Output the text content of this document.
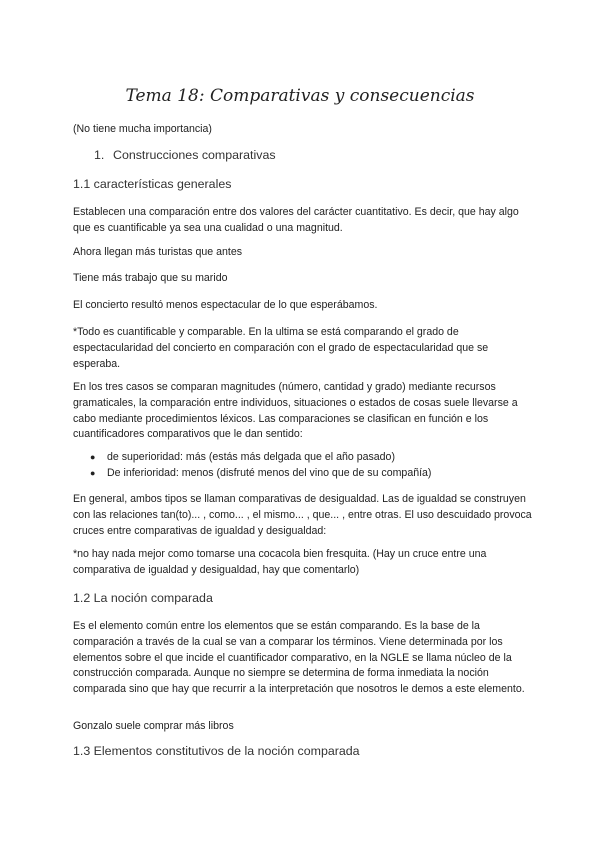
Tema 18: Comparativas y consecuencias
(No tiene mucha importancia)
1. Construcciones comparativas
1.1 características generales
Establecen una comparación entre dos valores del carácter cuantitativo. Es decir, que hay algo que es cuantificable ya sea una cualidad o una magnitud.
Ahora llegan más turistas que antes
Tiene más trabajo que su marido
El concierto resultó menos espectacular de lo que esperábamos.
*Todo es cuantificable y comparable. En la ultima se está comparando el grado de espectacularidad del concierto en comparación con el grado de espectacularidad que se esperaba.
En los tres casos se comparan magnitudes (número, cantidad y grado) mediante recursos gramaticales, la comparación entre individuos, situaciones o estados de cosas suele llevarse a cabo mediante procedimientos léxicos. Las comparaciones se clasifican en función e los cuantificadores comparativos que le dan sentido:
● de superioridad: más (estás más delgada que el año pasado)
● De inferioridad: menos (disfruté menos del vino que de su compañía)
En general, ambos tipos se llaman comparativas de desigualdad. Las de igualdad se construyen con las relaciones tan(to)... , como... , el mismo... , que... , entre otras. El uso descuidado provoca cruces entre comparativas de igualdad y desigualdad:
*no hay nada mejor como tomarse una cocacola bien fresquita. (Hay un cruce entre una comparativa de igualdad y desigualdad, hay que comentarlo)
1.2 La noción comparada
Es el elemento común entre los elementos que se están comparando. Es la base de la comparación a través de la cual se van a comparar los términos. Viene determinada por los elementos sobre el que incide el cuantificador comparativo, en la NGLE se llama núcleo de la construcción comparada. Aunque no siempre se determina de forma inmediata la noción comparada sino que hay que recurrir a la interpretación que nosotros le demos a este elemento.
Gonzalo suele comprar más libros
1.3 Elementos constitutivos de la noción comparada
